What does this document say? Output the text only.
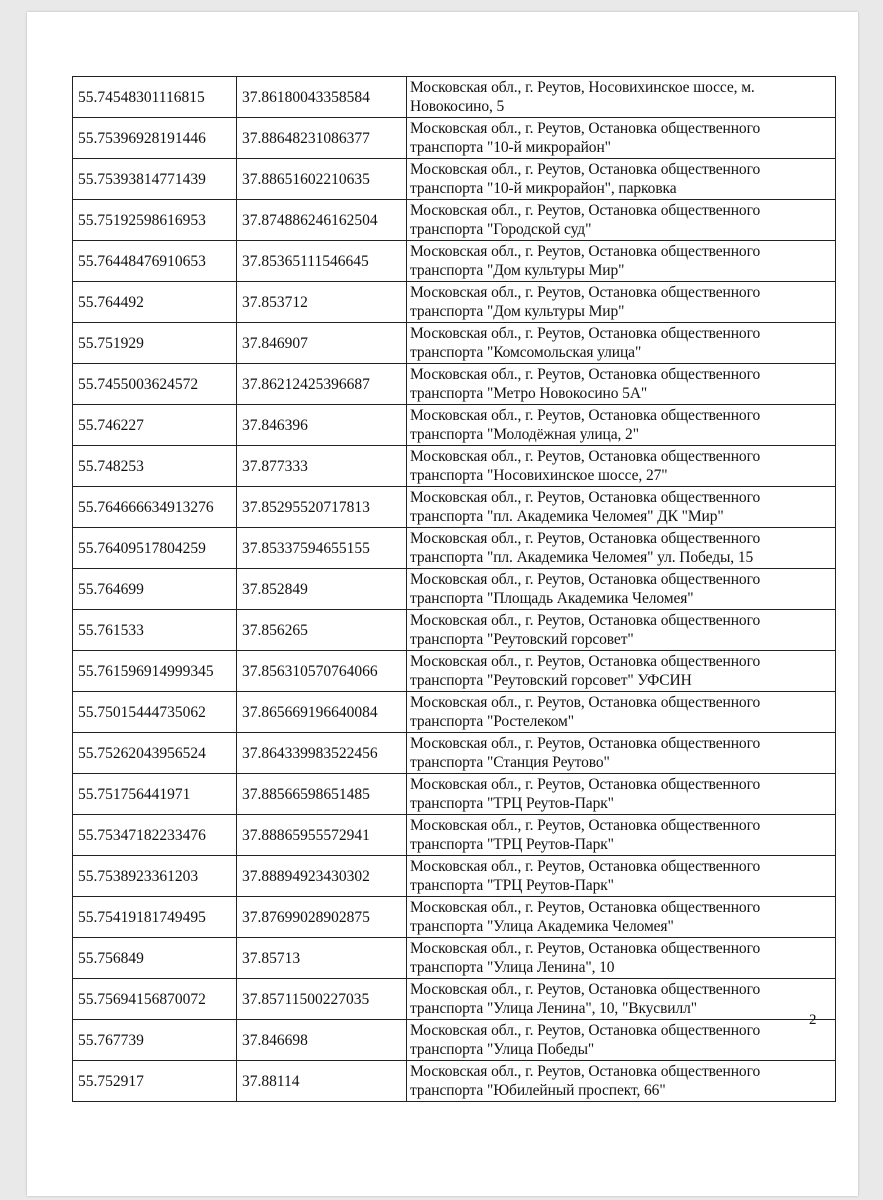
55.74548301116815	37.86180043358584	Московская обл., г. Реутов, Носовихинское шоссе, м. Новокосино, 5
55.75396928191446	37.88648231086377	Московская обл., г. Реутов, Остановка общественного транспорта "10-й микрорайон"
55.75393814771439	37.88651602210635	Московская обл., г. Реутов, Остановка общественного транспорта "10-й микрорайон", парковка
55.75192598616953	37.874886246162504	Московская обл., г. Реутов, Остановка общественного транспорта "Городской суд"
55.76448476910653	37.85365111546645	Московская обл., г. Реутов, Остановка общественного транспорта "Дом культуры Мир"
55.764492	37.853712	Московская обл., г. Реутов, Остановка общественного транспорта "Дом культуры Мир"
55.751929	37.846907	Московская обл., г. Реутов, Остановка общественного транспорта "Комсомольская улица"
55.7455003624572	37.86212425396687	Московская обл., г. Реутов, Остановка общественного транспорта "Метро Новокосино 5А"
55.746227	37.846396	Московская обл., г. Реутов, Остановка общественного транспорта "Молодёжная улица, 2"
55.748253	37.877333	Московская обл., г. Реутов, Остановка общественного транспорта "Носовихинское шоссе, 27"
55.764666634913276	37.85295520717813	Московская обл., г. Реутов, Остановка общественного транспорта "пл. Академика Челомея" ДК "Мир"
55.76409517804259	37.85337594655155	Московская обл., г. Реутов, Остановка общественного транспорта "пл. Академика Челомея" ул. Победы, 15
55.764699	37.852849	Московская обл., г. Реутов, Остановка общественного транспорта "Площадь Академика Челомея"
55.761533	37.856265	Московская обл., г. Реутов, Остановка общественного транспорта "Реутовский горсовет"
55.761596914999345	37.856310570764066	Московская обл., г. Реутов, Остановка общественного транспорта "Реутовский горсовет" УФСИН
55.75015444735062	37.865669196640084	Московская обл., г. Реутов, Остановка общественного транспорта "Ростелеком"
55.75262043956524	37.864339983522456	Московская обл., г. Реутов, Остановка общественного транспорта "Станция Реутово"
55.751756441971	37.88566598651485	Московская обл., г. Реутов, Остановка общественного транспорта "ТРЦ Реутов-Парк"
55.75347182233476	37.88865955572941	Московская обл., г. Реутов, Остановка общественного транспорта "ТРЦ Реутов-Парк"
55.7538923361203	37.88894923430302	Московская обл., г. Реутов, Остановка общественного транспорта "ТРЦ Реутов-Парк"
55.75419181749495	37.87699028902875	Московская обл., г. Реутов, Остановка общественного транспорта "Улица Академика Челомея"
55.756849	37.85713	Московская обл., г. Реутов, Остановка общественного транспорта "Улица Ленина", 10
55.75694156870072	37.85711500227035	Московская обл., г. Реутов, Остановка общественного транспорта "Улица Ленина", 10, "Вкусвилл"
55.767739	37.846698	Московская обл., г. Реутов, Остановка общественного транспорта "Улица Победы"
55.752917	37.88114	Московская обл., г. Реутов, Остановка общественного транспорта "Юбилейный проспект, 66"
2
